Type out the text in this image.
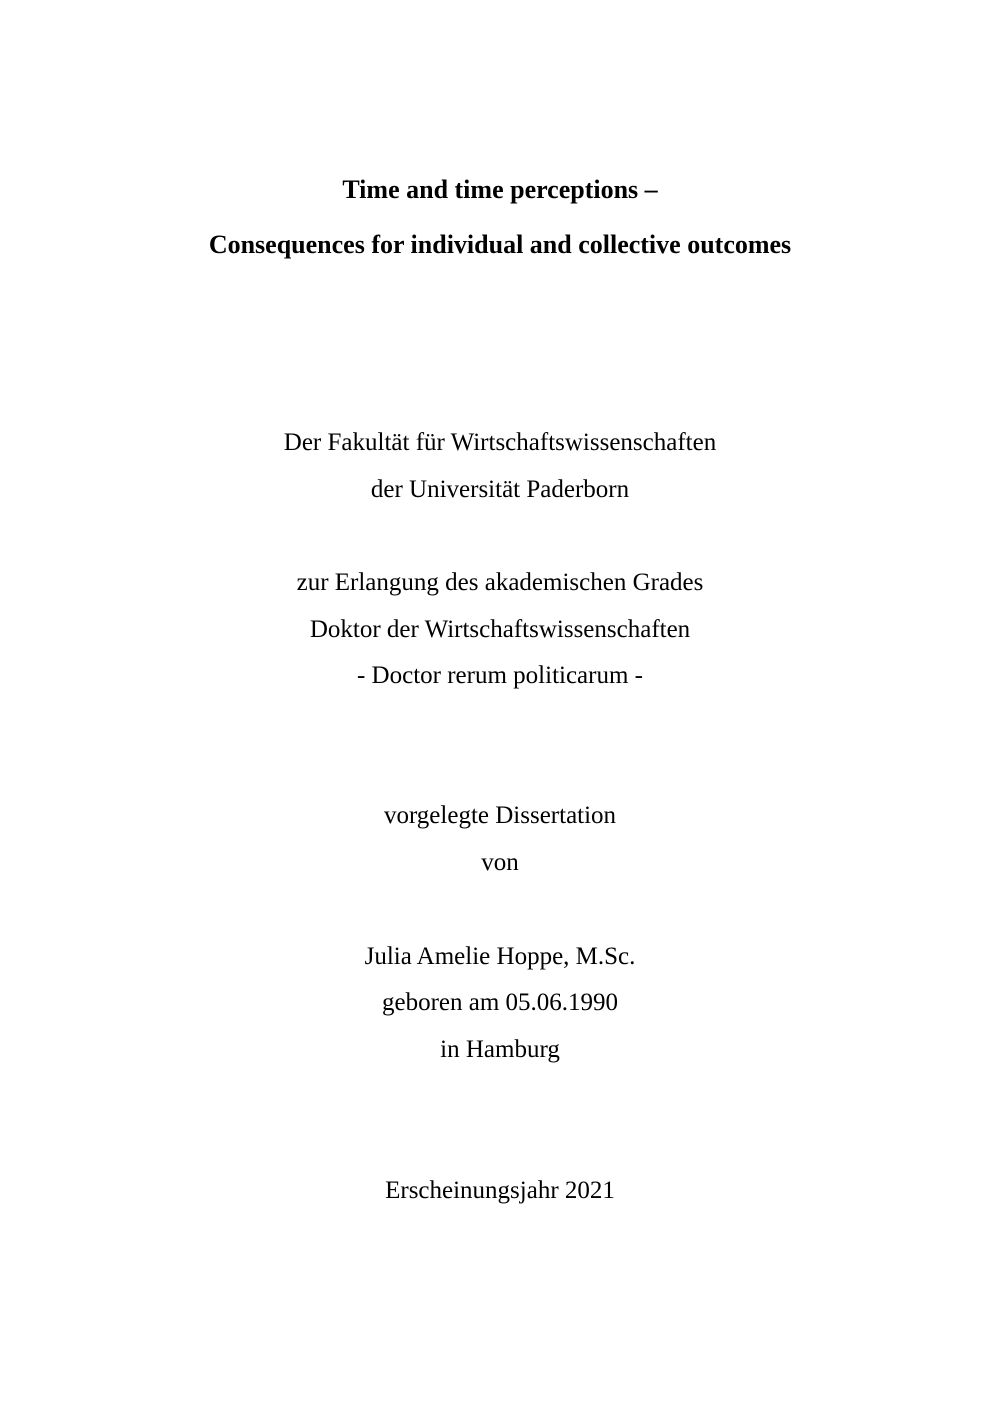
Time and time perceptions –
Consequences for individual and collective outcomes
Der Fakultät für Wirtschaftswissenschaften
der Universität Paderborn
zur Erlangung des akademischen Grades
Doktor der Wirtschaftswissenschaften
- Doctor rerum politicarum -
vorgelegte Dissertation
von
Julia Amelie Hoppe, M.Sc.
geboren am 05.06.1990
in Hamburg
Erscheinungsjahr 2021
